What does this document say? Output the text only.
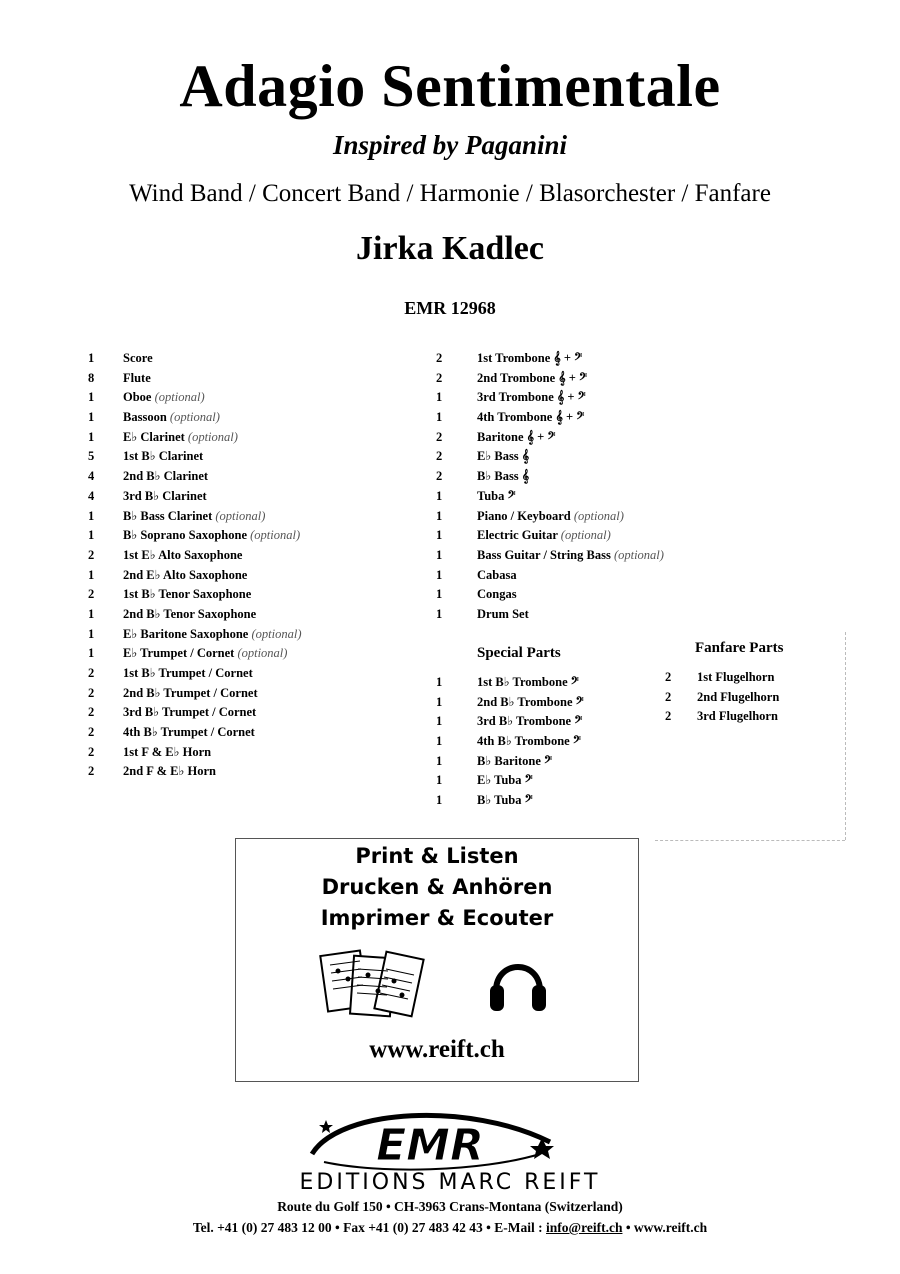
Adagio Sentimentale
Inspired by Paganini
Wind Band / Concert Band / Harmonie / Blasorchester / Fanfare
Jirka Kadlec
EMR 12968
1 Score
8 Flute
1 Oboe (optional)
1 Bassoon (optional)
1 E♭ Clarinet (optional)
5 1st B♭ Clarinet
4 2nd B♭ Clarinet
4 3rd B♭ Clarinet
1 B♭ Bass Clarinet (optional)
1 B♭ Soprano Saxophone (optional)
2 1st E♭ Alto Saxophone
1 2nd E♭ Alto Saxophone
2 1st B♭ Tenor Saxophone
1 2nd B♭ Tenor Saxophone
1 E♭ Baritone Saxophone (optional)
1 E♭ Trumpet / Cornet (optional)
2 1st B♭ Trumpet / Cornet
2 2nd B♭ Trumpet / Cornet
2 3rd B♭ Trumpet / Cornet
2 4th B♭ Trumpet / Cornet
2 1st F & E♭ Horn
2 2nd F & E♭ Horn
2	1st Trombone 𝄞 + 𝄢
2	2nd Trombone 𝄞 + 𝄢
1	3rd Trombone 𝄞 + 𝄢
1	4th Trombone 𝄞 + 𝄢
2	Baritone 𝄞 + 𝄢
2	E♭ Bass 𝄞
2	B♭ Bass 𝄞
1	Tuba 𝄢
1	Piano / Keyboard (optional)
1	Electric Guitar (optional)
1	Bass Guitar / String Bass (optional)
1	Cabasa
1	Congas
1	Drum Set
Special Parts
1	1st B♭ Trombone 𝄢
1	2nd B♭ Trombone 𝄢
1	3rd B♭ Trombone 𝄢
1	4th B♭ Trombone 𝄢
1	B♭ Baritone 𝄢
1	E♭ Tuba 𝄢
1	B♭ Tuba 𝄢
Fanfare Parts
2 1st Flugelhorn
2 2nd Flugelhorn
2 3rd Flugelhorn
Print & Listen
Drucken & Anhören
Imprimer & Ecouter
www.reift.ch
EMR
EDITIONS MARC REIFT
Route du Golf 150 • CH-3963 Crans-Montana (Switzerland)
Tel. +41 (0) 27 483 12 00 • Fax +41 (0) 27 483 42 43 • E-Mail : info@reift.ch • www.reift.ch
